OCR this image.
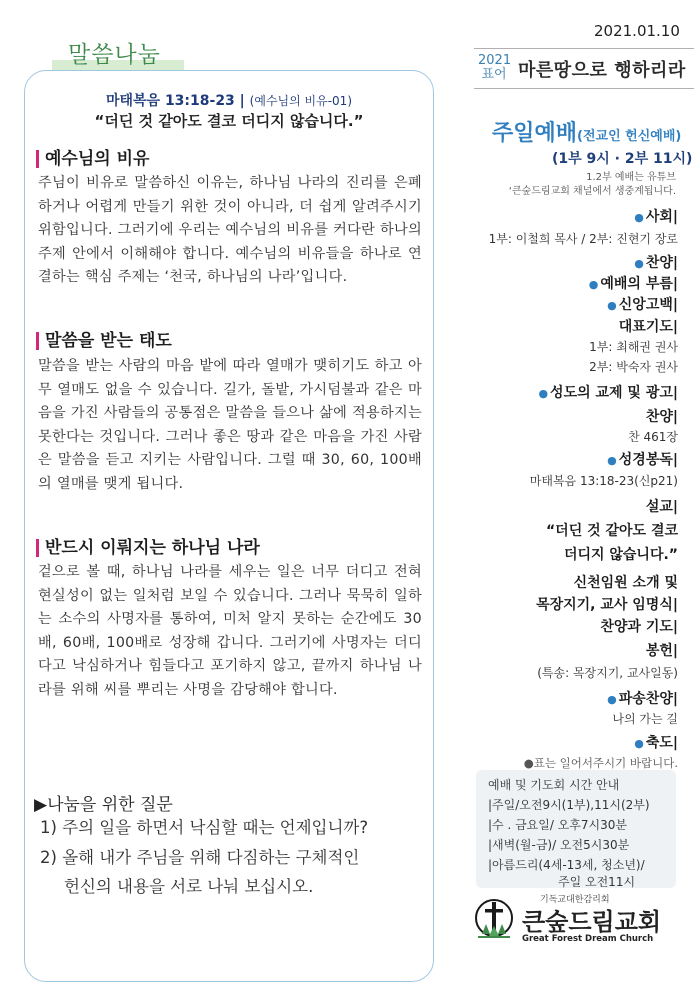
말씀나눔
마태복음 13:18-23 | (예수님의 비유-01)
“더딘 것 같아도 결코 더디지 않습니다.”
예수님의 비유
주님이 비유로 말씀하신 이유는, 하나님 나라의 진리를 은폐하거나 어렵게 만들기 위한 것이 아니라, 더 쉽게 알려주시기 위함입니다. 그러기에 우리는 예수님의 비유를 커다란 하나의 주제 안에서 이해해야 합니다. 예수님의 비유들을 하나로 연결하는 핵심 주제는 ‘천국, 하나님의 나라’입니다.
말씀을 받는 태도
말씀을 받는 사람의 마음 밭에 따라 열매가 맺히기도 하고 아무 열매도 없을 수 있습니다. 길가, 돌밭, 가시덤불과 같은 마음을 가진 사람들의 공통점은 말씀을 들으나 삶에 적용하지는 못한다는 것입니다. 그러나 좋은 땅과 같은 마음을 가진 사람은 말씀을 듣고 지키는 사람입니다. 그럴 때 30, 60, 100배의 열매를 맺게 됩니다.
반드시 이뤄지는 하나님 나라
겉으로 볼 때, 하나님 나라를 세우는 일은 너무 더디고 전혀 현실성이 없는 일처럼 보일 수 있습니다. 그러나 묵묵히 일하는 소수의 사명자를 통하여, 미처 알지 못하는 순간에도 30배, 60배, 100배로 성장해 갑니다. 그러기에 사명자는 더디다고 낙심하거나 힘들다고 포기하지 않고, 끝까지 하나님 나라를 위해 씨를 뿌리는 사명을 감당해야 합니다.
▶나눔을 위한 질문
1) 주의 일을 하면서 낙심할 때는 언제입니까?
2) 올해 내가 주님을 위해 다짐하는 구체적인
헌신의 내용을 서로 나눠 보십시오.
2021.01.10
2021
표어 마른땅으로 행하리라
주일예배(전교인 헌신예배)
(1부 9시 · 2부 11시)
1.2부 예배는 유튜브
‘큰숲드림교회 채널에서 생중계됩니다.
● 사회|
1부: 이철희 목사 / 2부: 진현기 장로
● 찬양|
● 예배의 부름|
● 신앙고백|
대표기도|
1부: 최해권 권사
2부: 박숙자 권사
● 성도의 교제 및 광고|
찬양|
찬 461장
● 성경봉독|
마태복음 13:18-23(신p21)
설교|
“더딘 것 같아도 결코
더디지 않습니다.”
신천임원 소개 및
목장지기, 교사 임명식|
찬양과 기도|
봉헌|
(특송: 목장지기, 교사일동)
● 파송찬양|
나의 가는 길
● 축도|
●표는 일어서주시기 바랍니다.
예배 및 기도회 시간 안내
|주일/오전9시(1부),11시(2부)
|수 . 금요일/ 오후7시30분
|새벽(월-금)/ 오전5시30분
|아름드리(4세-13세, 청소년)/
주일 오전11시
기독교대한감리회
큰숲드림교회
Great Forest Dream Church
